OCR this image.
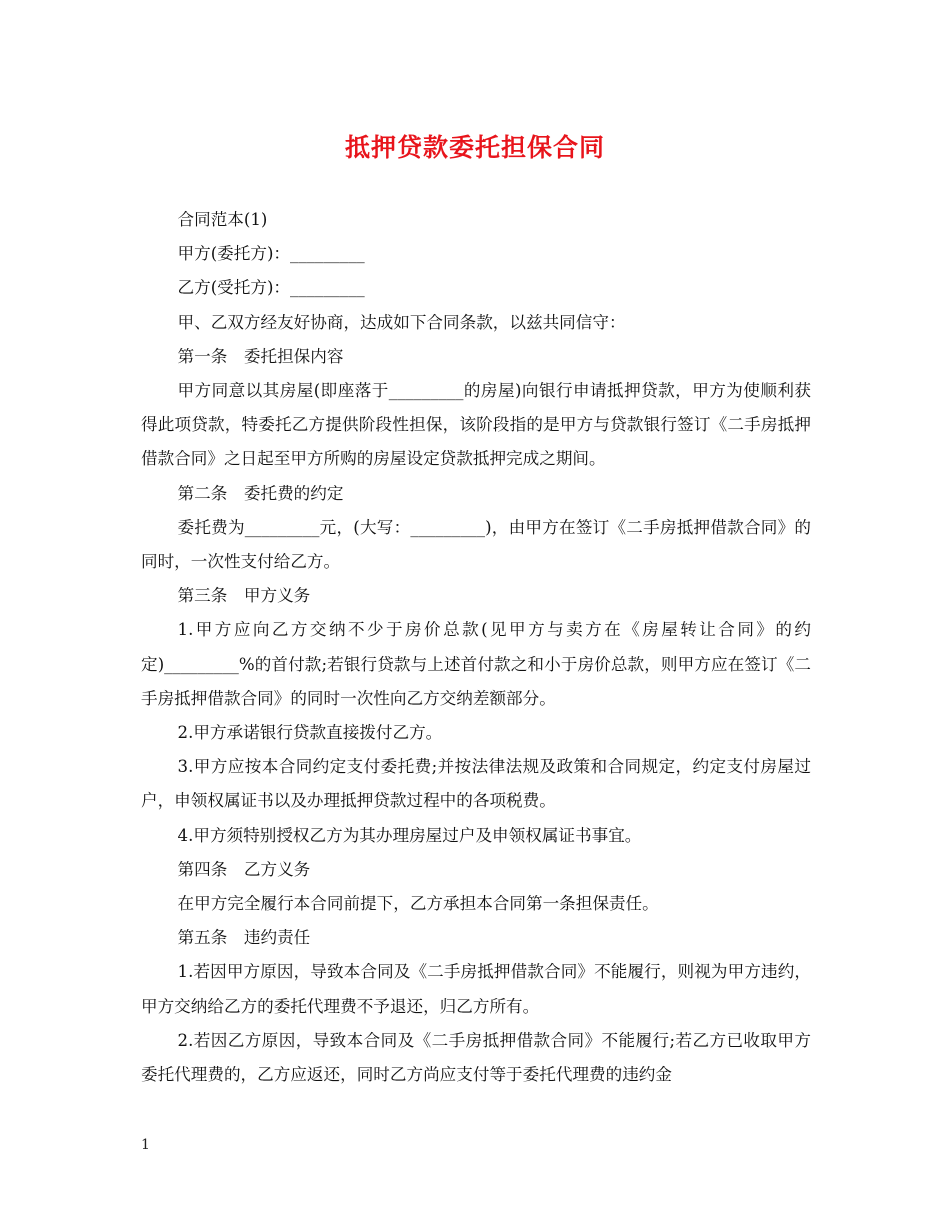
抵押贷款委托担保合同

合同范本(1)

甲方(委托方)：_________

乙方(受托方)：_________

甲、乙双方经友好协商，达成如下合同条款，以兹共同信守：

第一条　委托担保内容

甲方同意以其房屋(即座落于_________的房屋)向银行申请抵押贷款，甲方为使顺利获得此项贷款，特委托乙方提供阶段性担保，该阶段指的是甲方与贷款银行签订《二手房抵押借款合同》之日起至甲方所购的房屋设定贷款抵押完成之期间。

第二条　委托费的约定

委托费为_________元，(大写：_________)，由甲方在签订《二手房抵押借款合同》的同时，一次性支付给乙方。

第三条　甲方义务

1.甲方应向乙方交纳不少于房价总款(见甲方与卖方在《房屋转让合同》的约定)_________%的首付款;若银行贷款与上述首付款之和小于房价总款，则甲方应在签订《二手房抵押借款合同》的同时一次性向乙方交纳差额部分。

2.甲方承诺银行贷款直接拨付乙方。

3.甲方应按本合同约定支付委托费;并按法律法规及政策和合同规定，约定支付房屋过户，申领权属证书以及办理抵押贷款过程中的各项税费。

4.甲方须特别授权乙方为其办理房屋过户及申领权属证书事宜。

第四条　乙方义务

在甲方完全履行本合同前提下，乙方承担本合同第一条担保责任。

第五条　违约责任

1.若因甲方原因，导致本合同及《二手房抵押借款合同》不能履行，则视为甲方违约，甲方交纳给乙方的委托代理费不予退还，归乙方所有。

2.若因乙方原因，导致本合同及《二手房抵押借款合同》不能履行;若乙方已收取甲方委托代理费的，乙方应返还，同时乙方尚应支付等于委托代理费的违约金

1
